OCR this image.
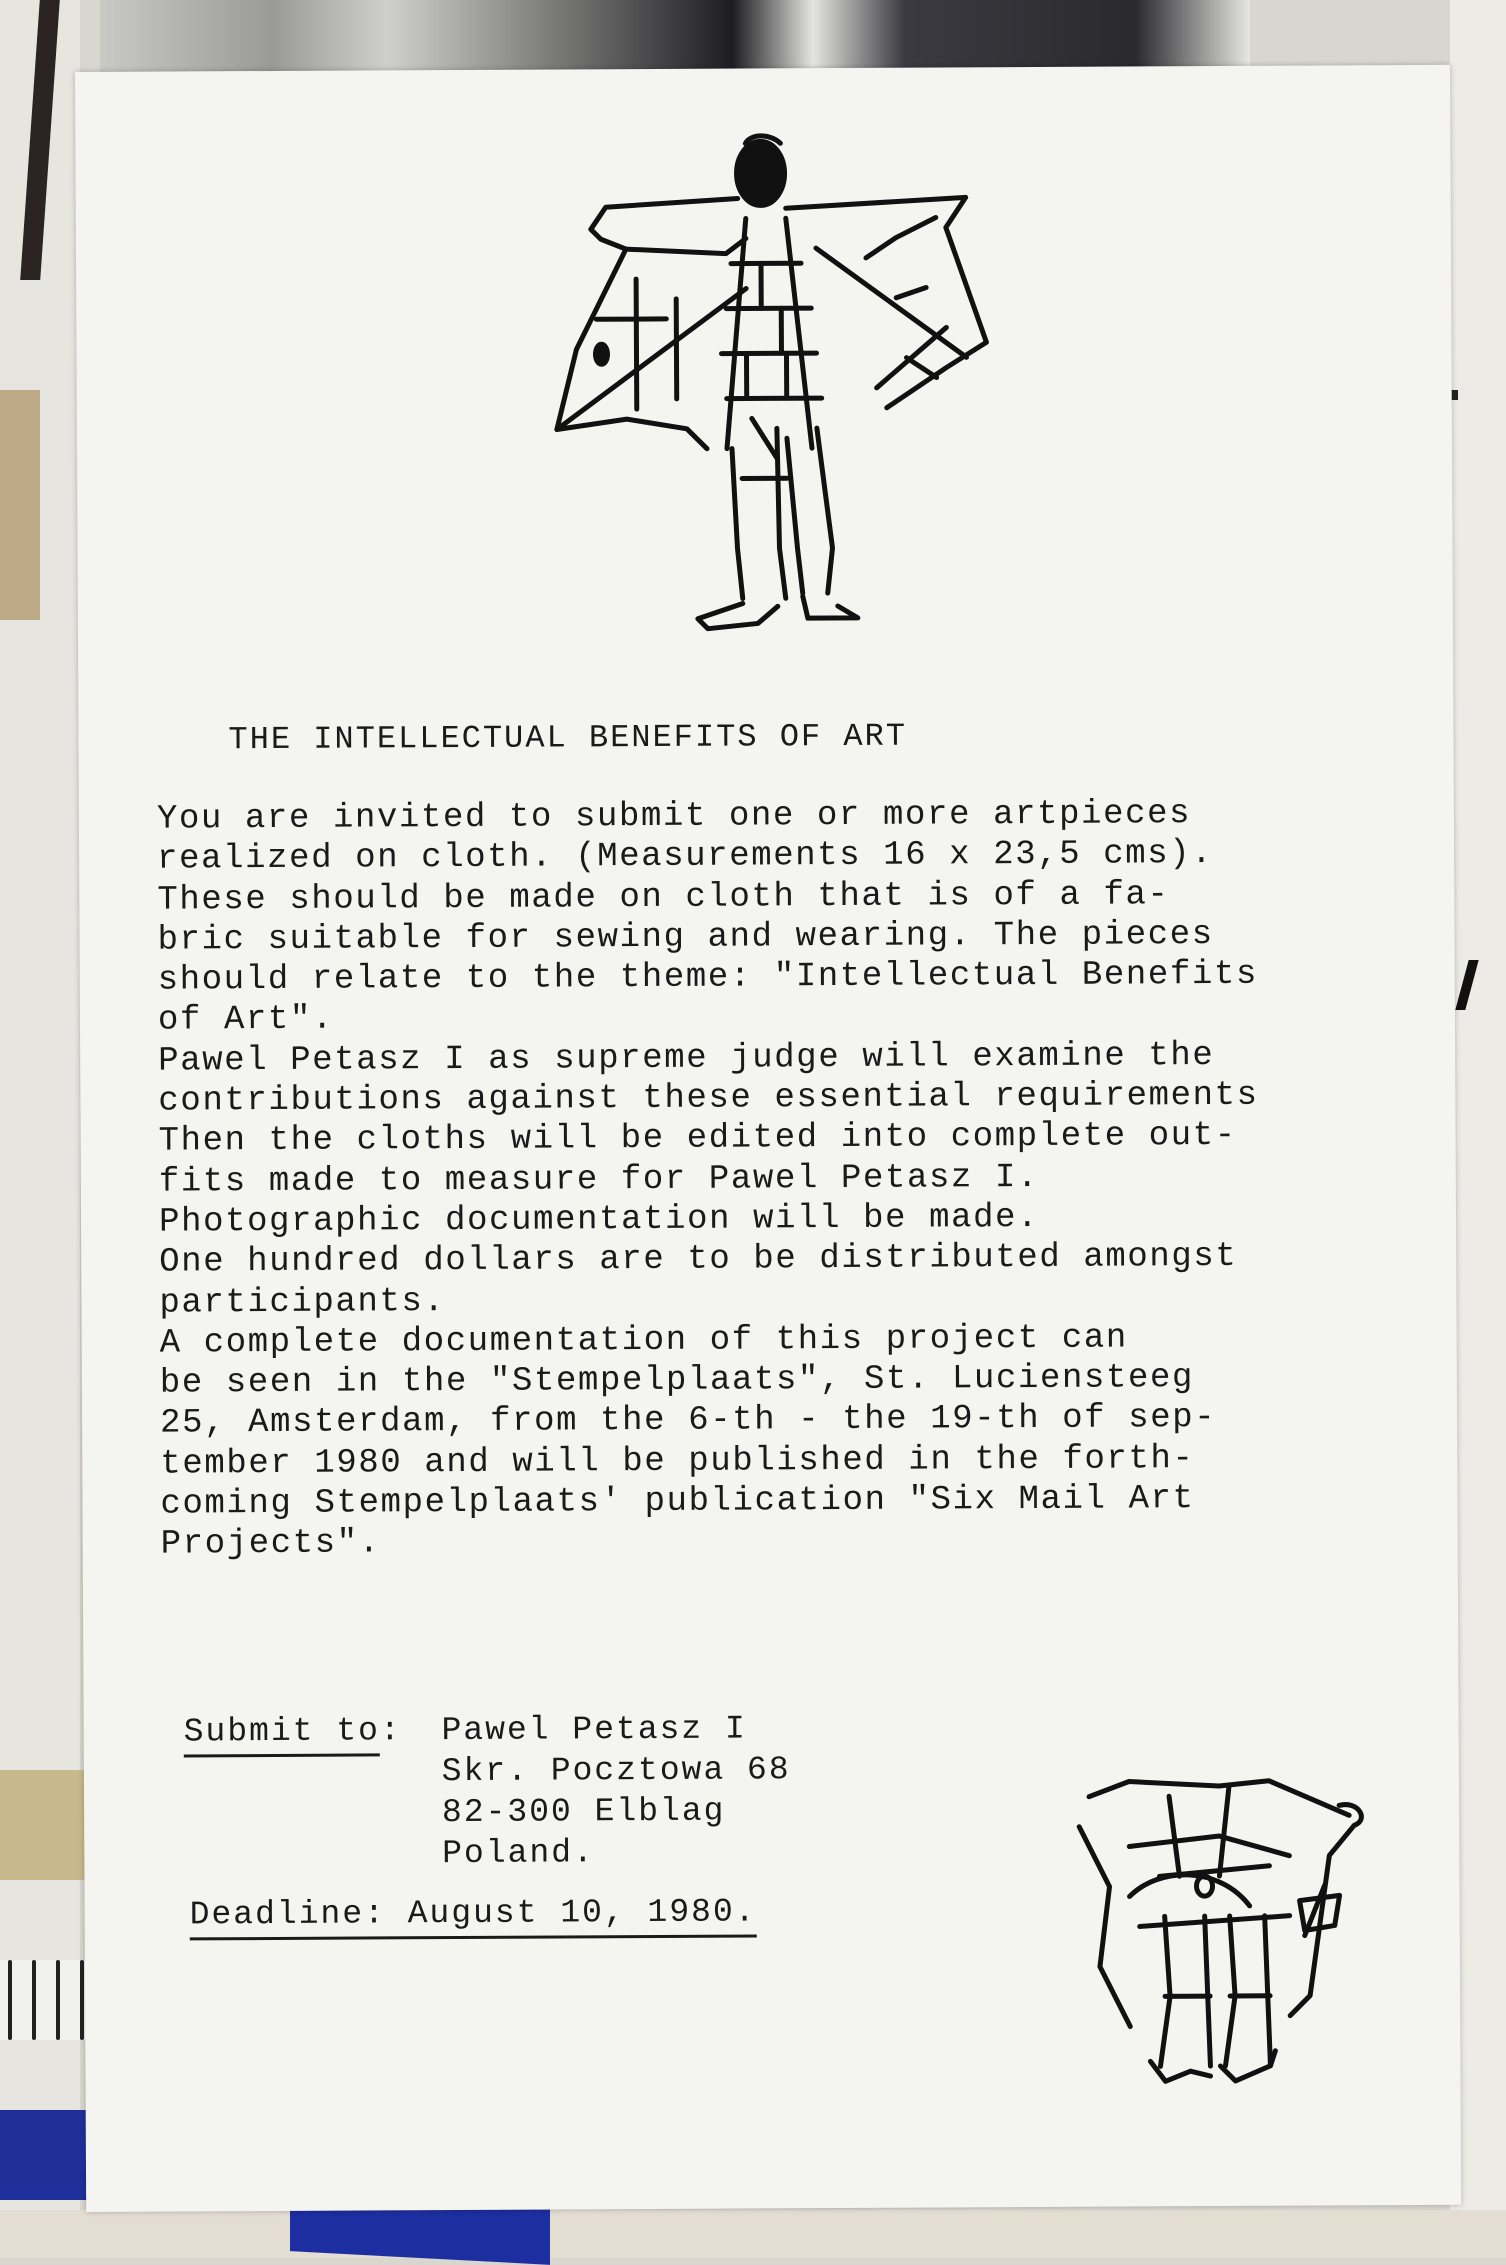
THE INTELLECTUAL BENEFITS OF ART
You are invited to submit one or more artpieces
realized on cloth. (Measurements 16 x 23,5 cms).
These should be made on cloth that is of a fa-
bric suitable for sewing and wearing. The pieces
should relate to the theme: "Intellectual Benefits
of Art".
Pawel Petasz I as supreme judge will examine the
contributions against these essential requirements
Then the cloths will be edited into complete out-
fits made to measure for Pawel Petasz I.
Photographic documentation will be made.
One hundred dollars are to be distributed amongst
participants.
A complete documentation of this project can
be seen in the "Stempelplaats", St. Luciensteeg
25, Amsterdam, from the 6-th - the 19-th of sep-
tember 1980 and will be published in the forth-
coming Stempelplaats' publication "Six Mail Art
Projects".
Submit to: Pawel Petasz I
Skr. Pocztowa 68
82-300 Elblag
Poland.
Deadline: August 10, 1980.
